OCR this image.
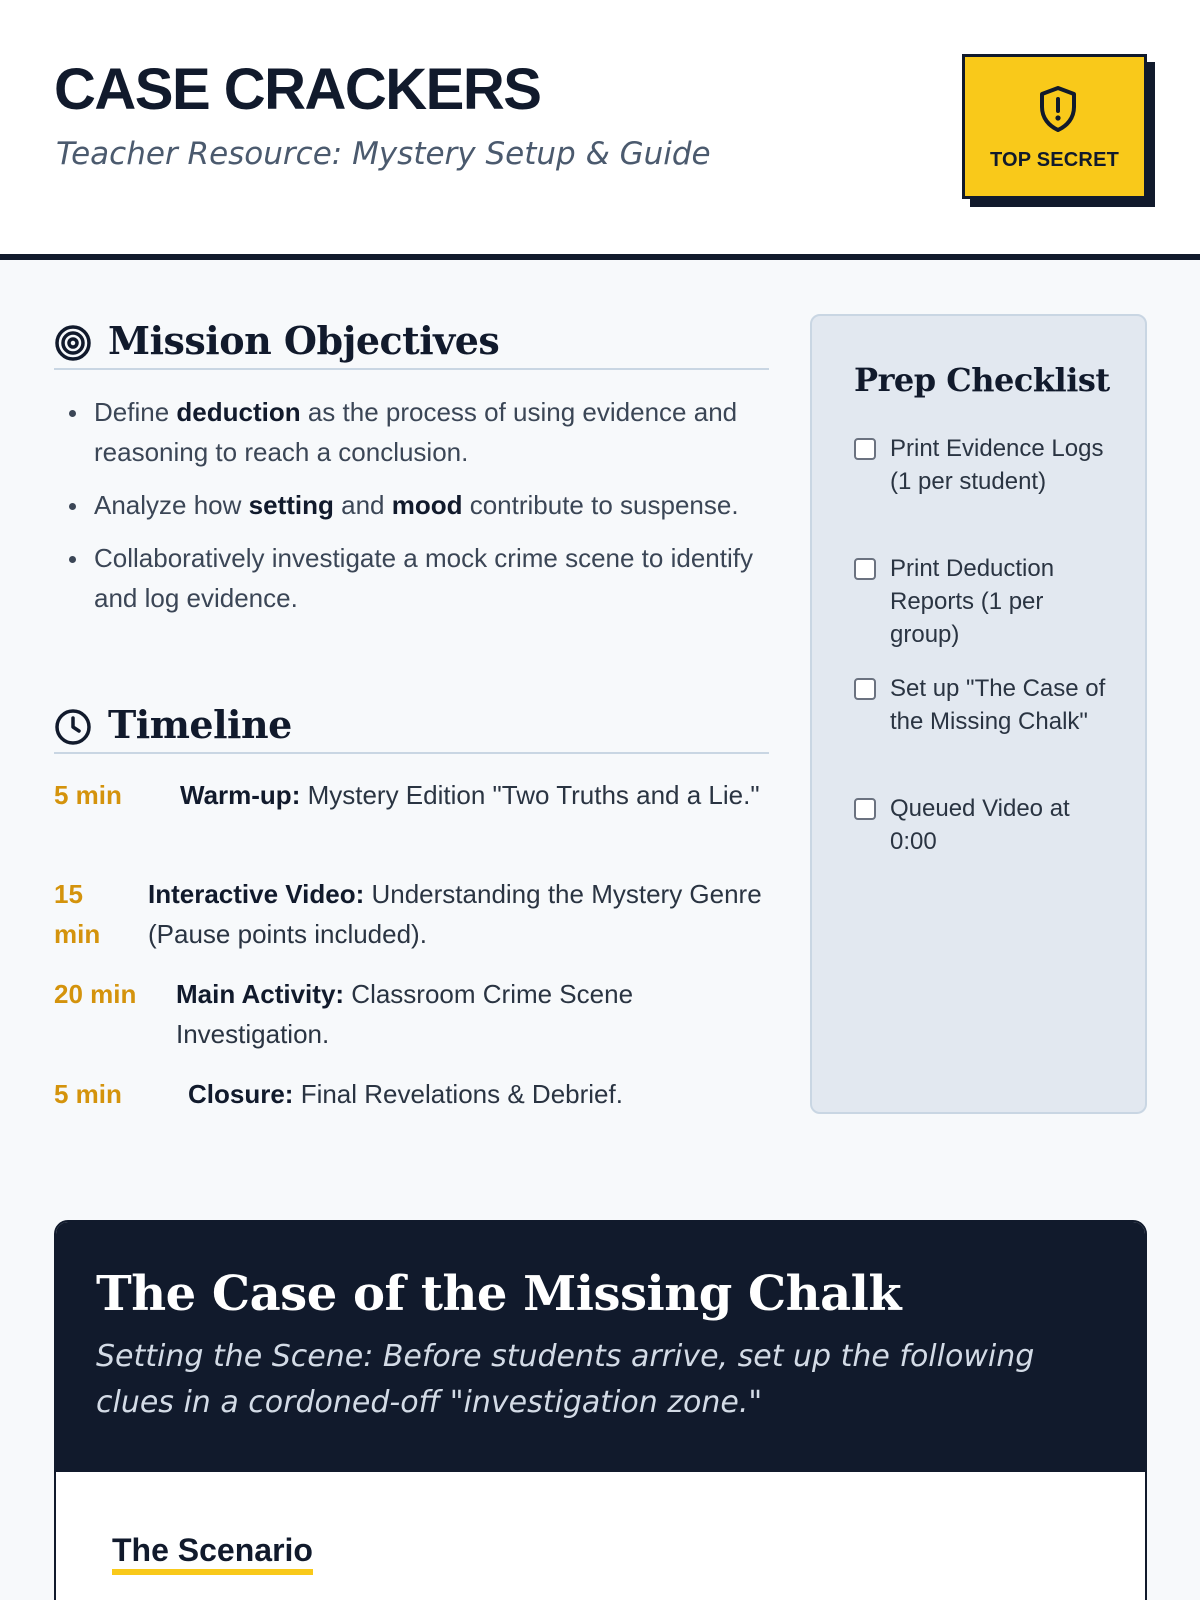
CASE CRACKERS
Teacher Resource: Mystery Setup & Guide	TOP SECRET
Mission Objectives
Define deduction as the process of using evidence and reasoning to reach a conclusion.
Analyze how setting and mood contribute to suspense.
Collaboratively investigate a mock crime scene to identify and log evidence.
Timeline
5 min Warm-up: Mystery Edition "Two Truths and a Lie."
15 min
Interactive Video: Understanding the Mystery Genre (Pause points included).
20 min Main Activity: Classroom Crime Scene Investigation.
5 min	Closure: Final Revelations & Debrief.
Prep Checklist
Print Evidence Logs (1 per student)
Print Deduction Reports (1 per group)
Set up "The Case of the Missing Chalk"
Queued Video at 0:00
The Case of the Missing Chalk
Setting the Scene: Before students arrive, set up the following clues in a cordoned-off "investigation zone."
The Scenario
